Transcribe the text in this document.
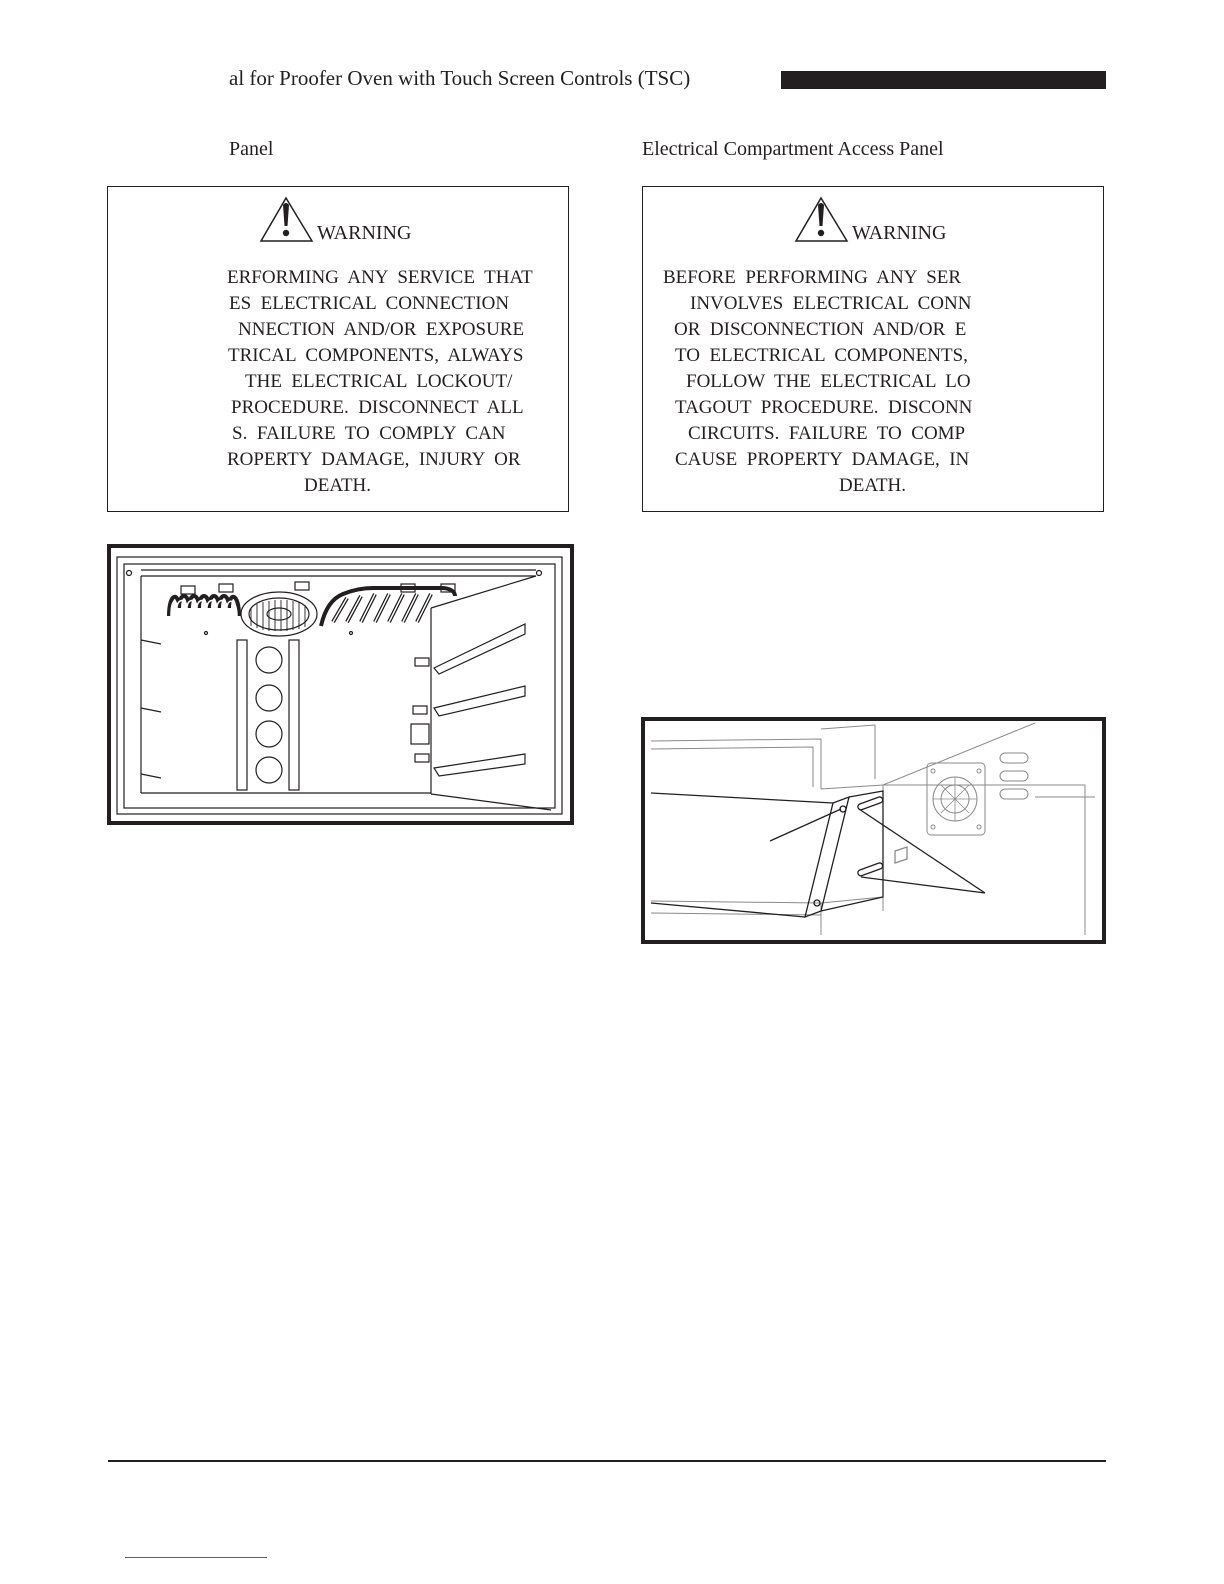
al for Proofer Oven with Touch Screen Controls (TSC)
Panel	Electrical Compartment Access Panel
WARNING
ERFORMING  ANY  SERVICE  THAT
ES  ELECTRICAL  CONNECTION
NNECTION  AND/OR  EXPOSURE
TRICAL  COMPONENTS,  ALWAYS
THE  ELECTRICAL  LOCKOUT/
PROCEDURE.  DISCONNECT  ALL
S.  FAILURE  TO  COMPLY  CAN
ROPERTY  DAMAGE,  INJURY  OR
DEATH.
WARNING
BEFORE  PERFORMING  ANY  SER
INVOLVES  ELECTRICAL  CONN
OR  DISCONNECTION  AND/OR  E
TO  ELECTRICAL  COMPONENTS,
FOLLOW  THE  ELECTRICAL  LO
TAGOUT  PROCEDURE.  DISCONN
CIRCUITS.  FAILURE  TO  COMP
CAUSE  PROPERTY  DAMAGE,  IN
DEATH.
